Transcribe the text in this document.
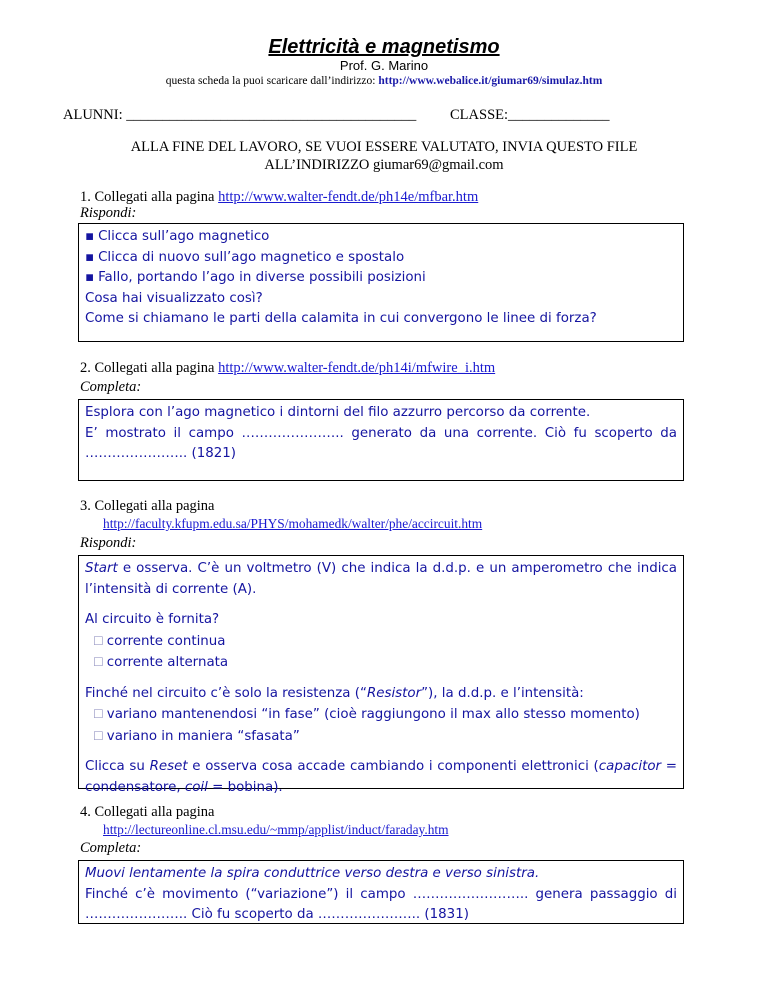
Elettricità e magnetismo
Prof. G. Marino
questa scheda la puoi scaricare dall’indirizzo: http://www.webalice.it/giumar69/simulaz.htm
ALUNNI: ________________________________________ CLASSE:______________
ALLA FINE DEL LAVORO, SE VUOI ESSERE VALUTATO, INVIA QUESTO FILE
ALL’INDIRIZZO giumar69@gmail.com
1. Collegati alla pagina http://www.walter-fendt.de/ph14e/mfbar.htm
Rispondi:

▪ Clicca sull’ago magnetico

▪ Clicca di nuovo sull’ago magnetico e spostalo

▪ Fallo, portando l’ago in diverse possibili posizioni

Cosa hai visualizzato così?

Come si chiamano le parti della calamita in cui convergono le linee di forza?

2. Collegati alla pagina http://www.walter-fendt.de/ph14i/mfwire_i.htm
Completa:

Esplora con l’ago magnetico i dintorni del filo azzurro percorso da corrente.

E’ mostrato il campo ………………….. generato da una corrente. Ciò fu scoperto da ………………….. (1821)

3. Collegati alla pagina
http://faculty.kfupm.edu.sa/PHYS/mohamedk/walter/phe/accircuit.htm
Rispondi:

Start e osserva. C’è un voltmetro (V) che indica la d.d.p. e un amperometro che indica l’intensità di corrente (A).

Al circuito è fornita?

☐ corrente continua

☐ corrente alternata

Finché nel circuito c’è solo la resistenza (“Resistor”), la d.d.p. e l’intensità:

☐ variano mantenendosi “in fase” (cioè raggiungono il max allo stesso momento)

☐ variano in maniera “sfasata”

Clicca su Reset e osserva cosa accade cambiando i componenti elettronici (capacitor = condensatore, coil = bobina).

4. Collegati alla pagina
http://lectureonline.cl.msu.edu/~mmp/applist/induct/faraday.htm
Completa:

Muovi lentamente la spira conduttrice verso destra e verso sinistra.

Finché c’è movimento (“variazione”) il campo …………………….. genera passaggio di ………………….. Ciò fu scoperto da ………………….. (1831)
